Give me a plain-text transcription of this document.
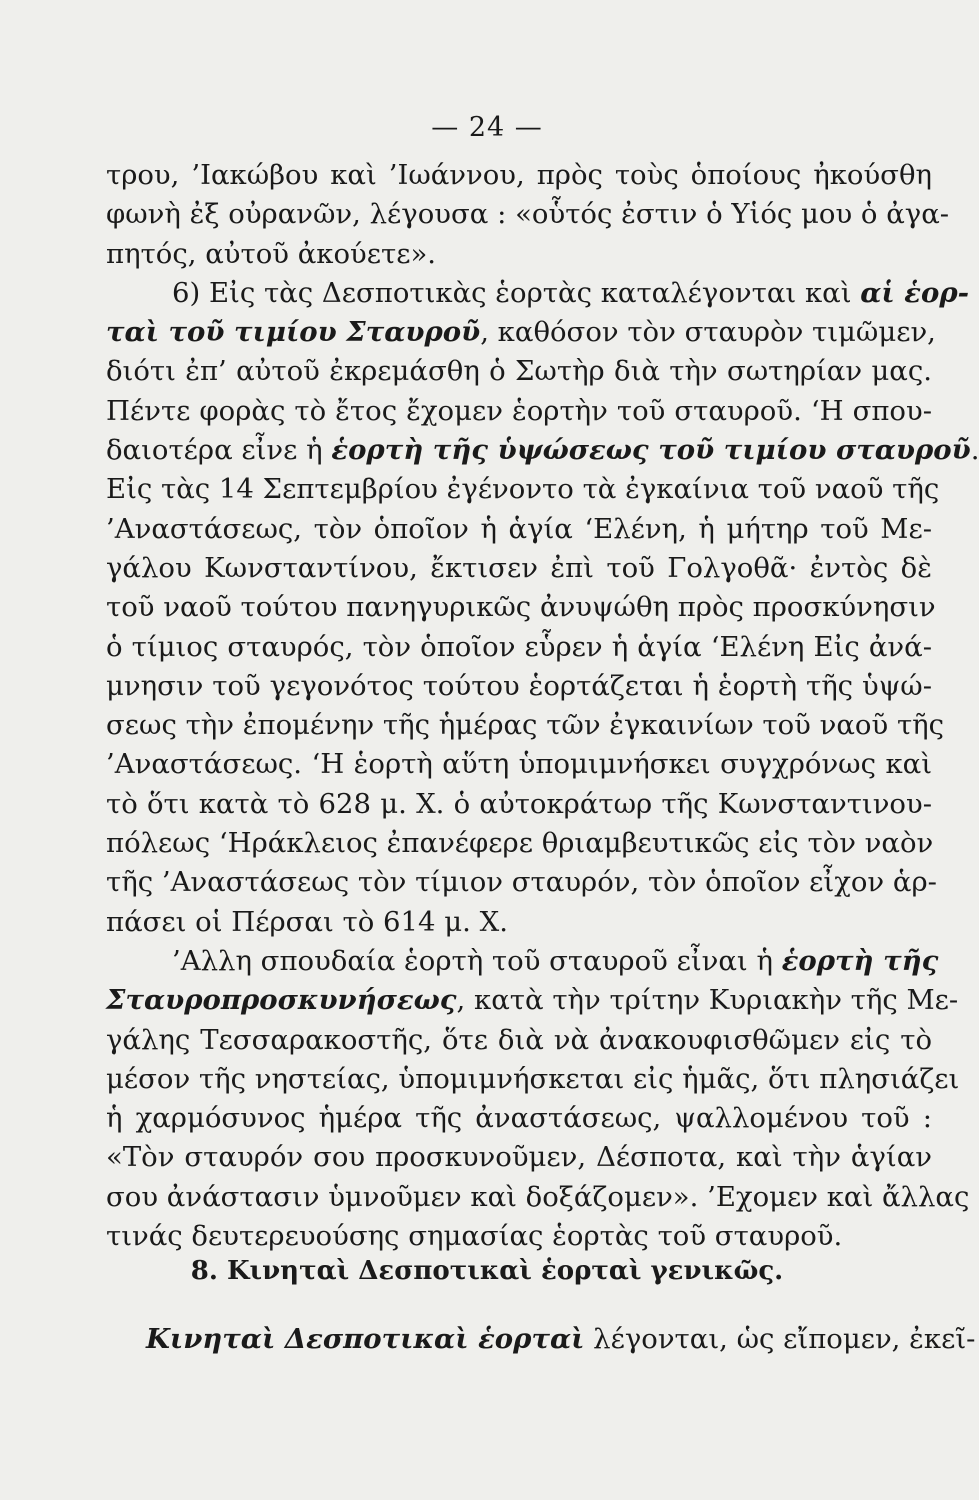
— 24 —
τρου, ’Ιακώβου καὶ ’Ιωάννου, πρὸς τοὺς ὁποίους ἠκούσθη
φωνὴ ἐξ οὐρανῶν, λέγουσα : «οὗτός ἐστιν ὁ Υἱός μου ὁ ἀγα-
πητός, αὐτοῦ ἀκούετε».
6) Εἰς τὰς Δεσποτικὰς ἑορτὰς καταλέγονται καὶ αἱ ἑορ-
ταὶ τοῦ τιμίου Σταυροῦ, καθόσον τὸν σταυρὸν τιμῶμεν,
διότι ἐπ’ αὐτοῦ ἐκρεμάσθη ὁ Σωτὴρ διὰ τὴν σωτηρίαν μας.
Πέντε φορὰς τὸ ἔτος ἔχομεν ἑορτὴν τοῦ σταυροῦ. ‘Η σπου-
δαιοτέρα εἶνε ἡ ἑορτὴ τῆς ὑψώσεως τοῦ τιμίου σταυροῦ.
Εἰς τὰς 14 Σεπτεμβρίου ἐγένοντο τὰ ἐγκαίνια τοῦ ναοῦ τῆς
’Αναστάσεως, τὸν ὁποῖον ἡ ἁγία ‘Ελένη, ἡ μήτηρ τοῦ Με-
γάλου Κωνσταντίνου, ἔκτισεν ἐπὶ τοῦ Γολγοθᾶ· ἐντὸς δὲ
τοῦ ναοῦ τούτου πανηγυρικῶς ἀνυψώθη πρὸς προσκύνησιν
ὁ τίμιος σταυρός, τὸν ὁποῖον εὗρεν ἡ ἁγία ‘Ελένη Εἰς ἀνά-
μνησιν τοῦ γεγονότος τούτου ἑορτάζεται ἡ ἑορτὴ τῆς ὑψώ-
σεως τὴν ἐπομένην τῆς ἡμέρας τῶν ἐγκαινίων τοῦ ναοῦ τῆς
’Αναστάσεως. ‘Η ἑορτὴ αὕτη ὑπομιμνήσκει συγχρόνως καὶ
τὸ ὅτι κατὰ τὸ 628 μ. Χ. ὁ αὐτοκράτωρ τῆς Κωνσταντινου-
πόλεως ‘Ηράκλειος ἐπανέφερε θριαμβευτικῶς εἰς τὸν ναὸν
τῆς ’Αναστάσεως τὸν τίμιον σταυρόν, τὸν ὁποῖον εἶχον ἁρ-
πάσει οἱ Πέρσαι τὸ 614 μ. Χ.
’Αλλη σπουδαία ἑορτὴ τοῦ σταυροῦ εἶναι ἡ ἑορτὴ τῆς
Σταυροπροσκυνήσεως, κατὰ τὴν τρίτην Κυριακὴν τῆς Με-
γάλης Τεσσαρακοστῆς, ὅτε διὰ νὰ ἀνακουφισθῶμεν εἰς τὸ
μέσον τῆς νηστείας, ὑπομιμνήσκεται εἰς ἡμᾶς, ὅτι πλησιάζει
ἡ χαρμόσυνος ἡμέρα τῆς ἀναστάσεως, ψαλλομένου τοῦ :
«Τὸν σταυρόν σου προσκυνοῦμεν, Δέσποτα, καὶ τὴν ἁγίαν
σου ἀνάστασιν ὑμνοῦμεν καὶ δοξάζομεν». ’Εχομεν καὶ ἄλλας
τινάς δευτερευούσης σημασίας ἑορτὰς τοῦ σταυροῦ.
8. Κινηταὶ Δεσποτικαὶ ἑορταὶ γενικῶς.
Κινηταὶ Δεσποτικαὶ ἑορταὶ λέγονται, ὡς εἴπομεν, ἐκεῖ-
